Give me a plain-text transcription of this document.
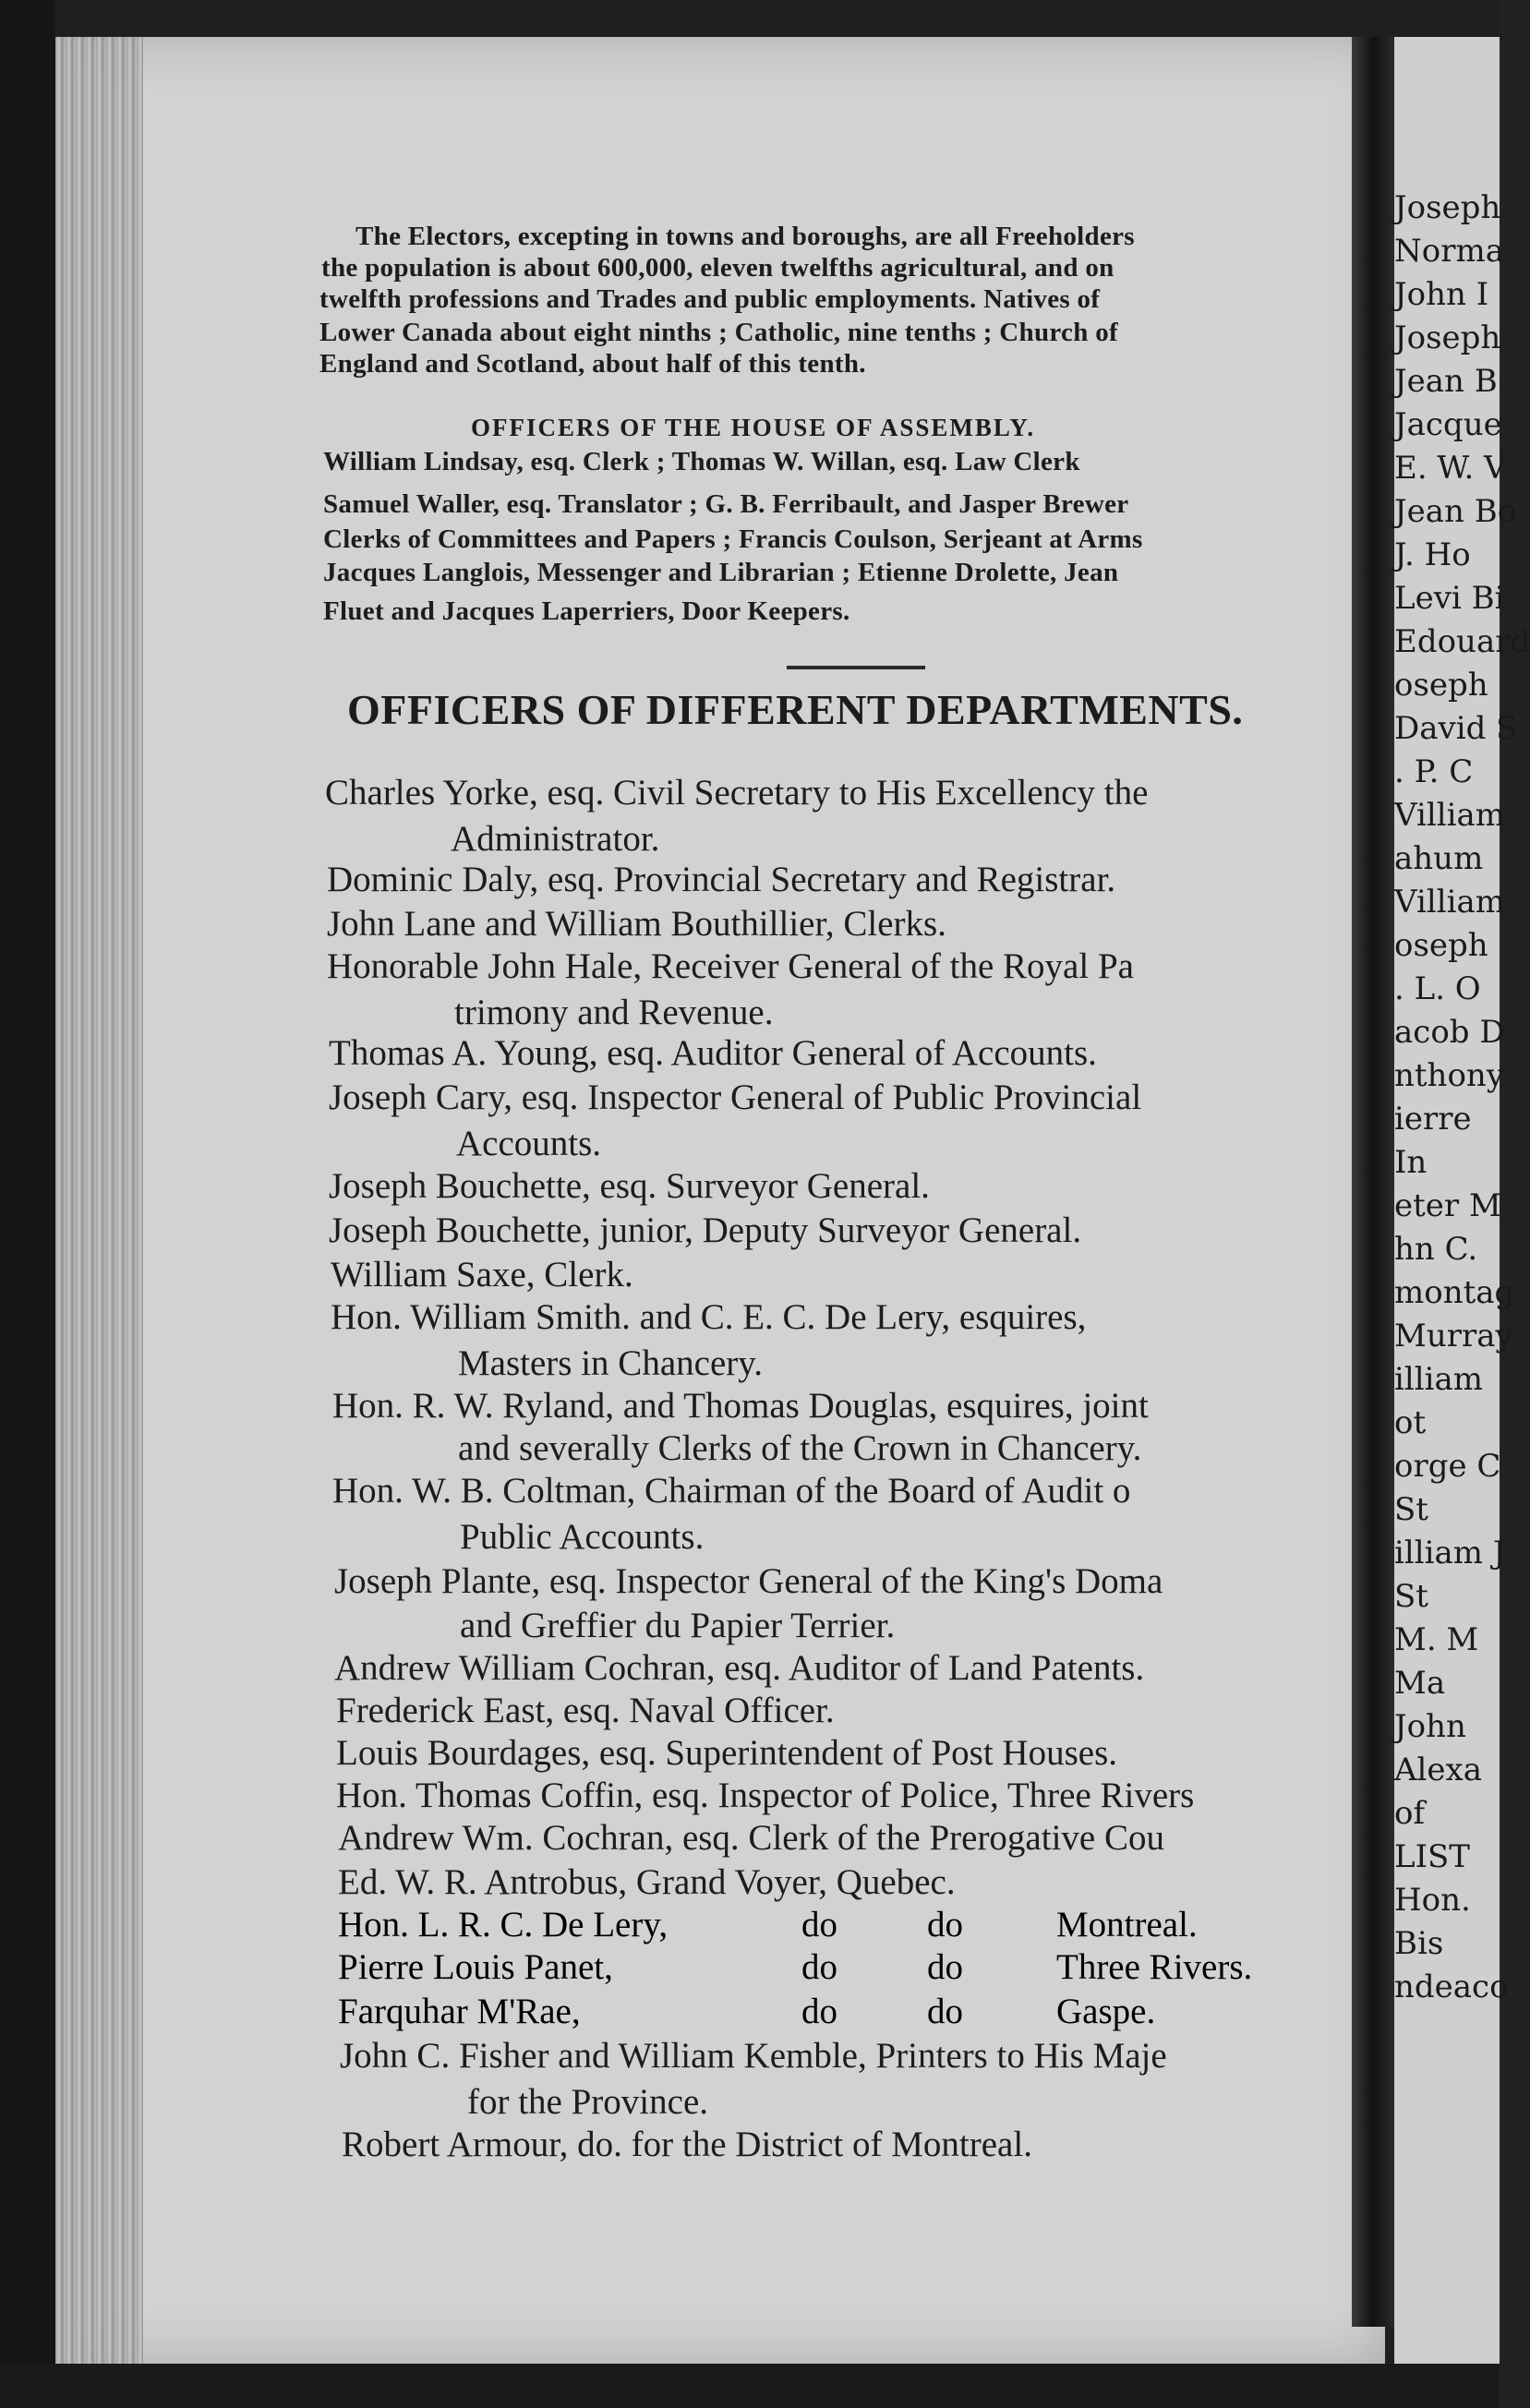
Joseph
Norma
John I
Joseph
Jean B
Jacque
E. W. V
Jean Bo
J. Ho
Levi Bi
Edouard
oseph
David S
. P. C
Villiam
ahum
Villiam
oseph
. L. O
acob D
nthony
ierre
In
eter M
hn C.
montag
Murray
illiam
ot
orge C
St
illiam J
St
M. M
Ma
John
Alexa
of
LIST
Hon.
Bis
ndeaco
The Electors, excepting in towns and boroughs, are all Freeholders
the population is about 600,000, eleven twelfths agricultural, and on
twelfth professions and Trades and public employments. Natives of
Lower Canada about eight ninths ; Catholic, nine tenths ; Church of
England and Scotland, about half of this tenth.
OFFICERS OF THE HOUSE OF ASSEMBLY.
William Lindsay, esq. Clerk ; Thomas W. Willan, esq. Law Clerk
Samuel Waller, esq. Translator ; G. B. Ferribault, and Jasper Brewer
Clerks of Committees and Papers ; Francis Coulson, Serjeant at Arms
Jacques Langlois, Messenger and Librarian ; Etienne Drolette, Jean
Fluet and Jacques Laperriers, Door Keepers.
OFFICERS OF DIFFERENT DEPARTMENTS.
Charles Yorke, esq. Civil Secretary to His Excellency the
Administrator.
Dominic Daly, esq. Provincial Secretary and Registrar.
John Lane and William Bouthillier, Clerks.
Honorable John Hale, Receiver General of the Royal Pa
trimony and Revenue.
Thomas A. Young, esq. Auditor General of Accounts.
Joseph Cary, esq. Inspector General of Public Provincial
Accounts.
Joseph Bouchette, esq. Surveyor General.
Joseph Bouchette, junior, Deputy Surveyor General.
William Saxe, Clerk.
Hon. William Smith. and C. E. C. De Lery, esquires,
Masters in Chancery.
Hon. R. W. Ryland, and Thomas Douglas, esquires, joint
and severally Clerks of the Crown in Chancery.
Hon. W. B. Coltman, Chairman of the Board of Audit o
Public Accounts.
Joseph Plante, esq. Inspector General of the King's Doma
and Greffier du Papier Terrier.
Andrew William Cochran, esq. Auditor of Land Patents.
Frederick East, esq. Naval Officer.
Louis Bourdages, esq. Superintendent of Post Houses.
Hon. Thomas Coffin, esq. Inspector of Police, Three Rivers
Andrew Wm. Cochran, esq. Clerk of the Prerogative Cou
Ed. W. R. Antrobus, Grand Voyer, Quebec.
Hon. L. R. C. De Lery,	do do	Montreal.
Pierre Louis Panet,	do do	Three Rivers.
Farquhar M'Rae,	do do	Gaspe.
John C. Fisher and William Kemble, Printers to His Maje
for the Province.
Robert Armour, do. for the District of Montreal.
